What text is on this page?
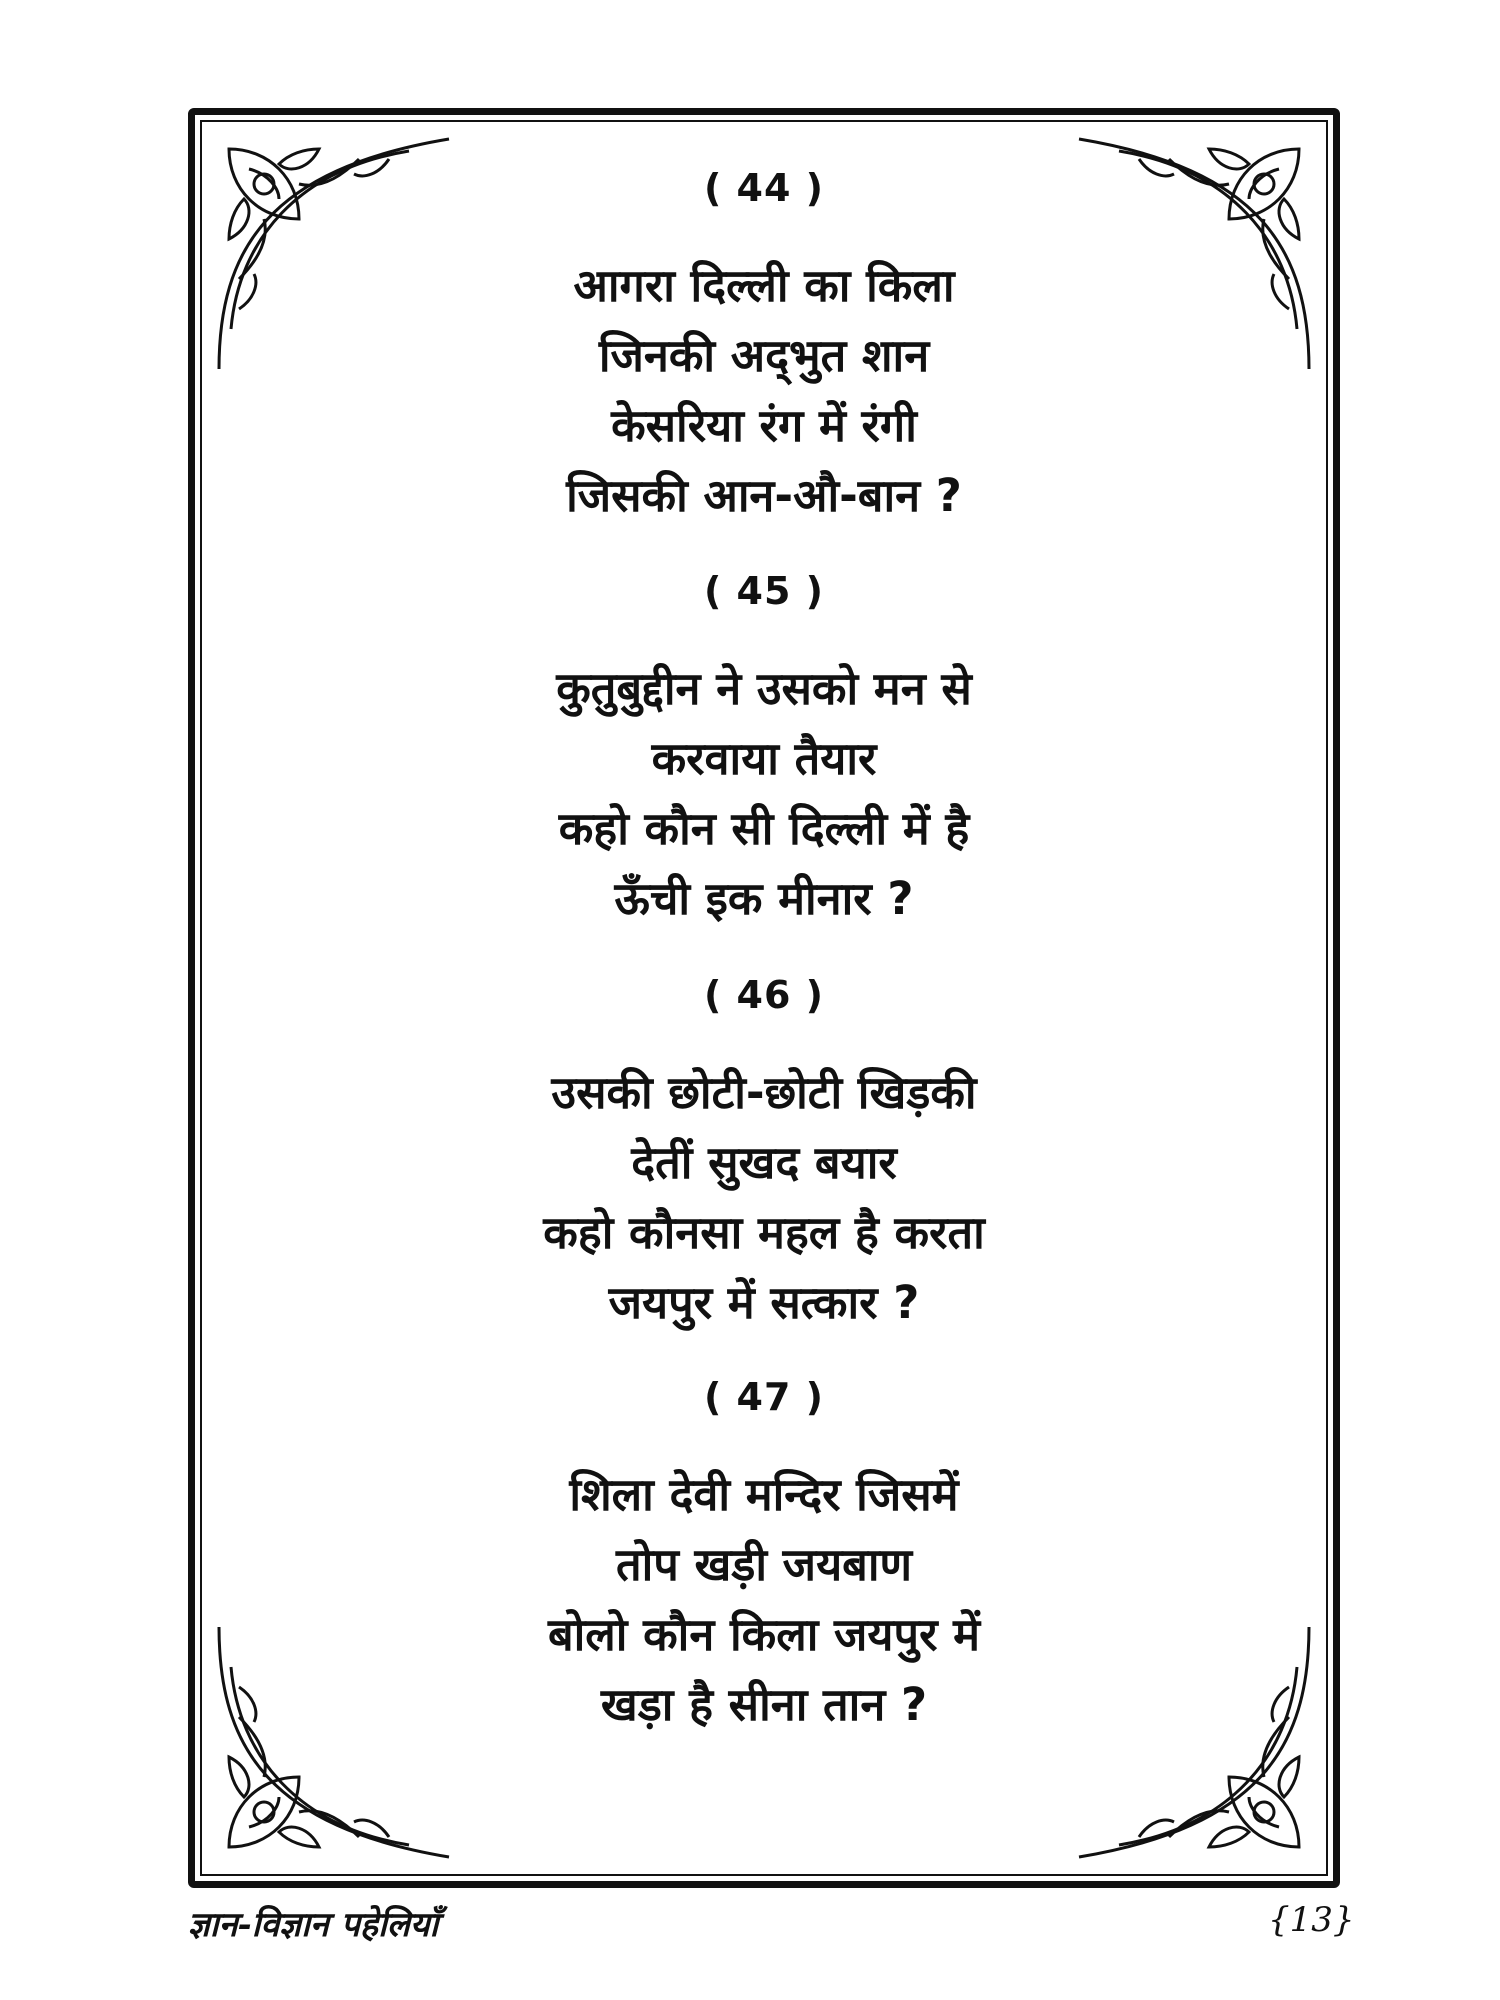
( 44 )
आगरा दिल्ली का किला
जिनकी अद्‌भुत शान
केसरिया रंग में रंगी
जिसकी आन-औ-बान ?
( 45 )
कुतुबुद्दीन ने उसको मन से
करवाया तैयार
कहो कौन सी दिल्ली में है
ऊँची इक मीनार ?
( 46 )
उसकी छोटी-छोटी खिड़की
देतीं सुखद बयार
कहो कौनसा महल है करता
जयपुर में सत्कार ?
( 47 )
शिला देवी मन्दिर जिसमें
तोप खड़ी जयबाण
बोलो कौन किला जयपुर में
खड़ा है सीना तान ?
ज्ञान-विज्ञान पहेलियाँ	{13}
